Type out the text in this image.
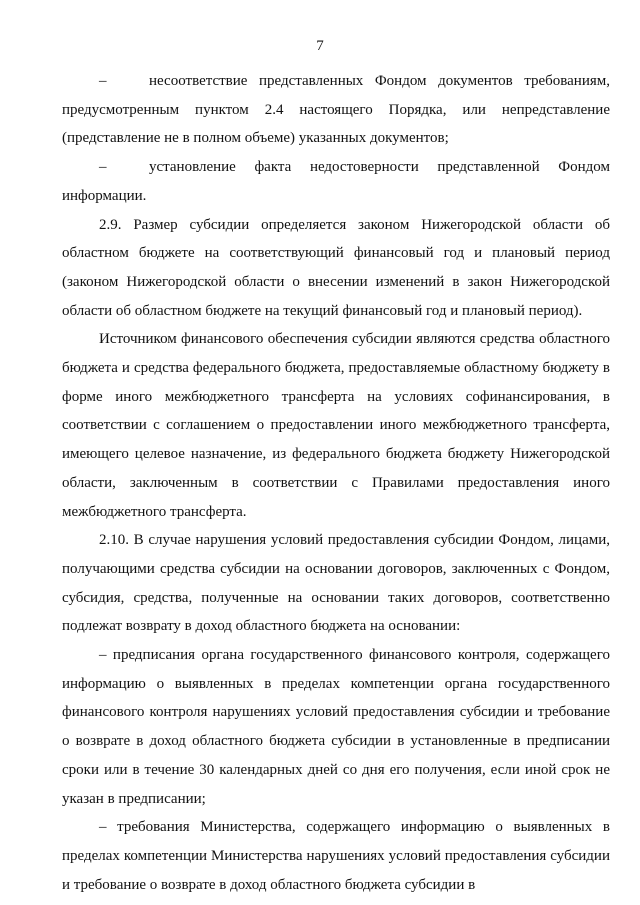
7

–	несоответствие представленных Фондом документов требованиям, предусмотренным пунктом 2.4 настоящего Порядка, или непредставление (представление не в полном объеме) указанных документов;

–	установление факта недостоверности представленной Фондом информации.

2.9. Размер субсидии определяется законом Нижегородской области об областном бюджете на соответствующий финансовый год и плановый период (законом Нижегородской области о внесении изменений в закон Нижегородской области об областном бюджете на текущий финансовый год и плановый период).

Источником финансового обеспечения субсидии являются средства областного бюджета и средства федерального бюджета, предоставляемые областному бюджету в форме иного межбюджетного трансферта на условиях софинансирования, в соответствии с соглашением о предоставлении иного межбюджетного трансферта, имеющего целевое назначение, из федерального бюджета бюджету Нижегородской области, заключенным в соответствии с Правилами предоставления иного межбюджетного трансферта.

2.10. В случае нарушения условий предоставления субсидии Фондом, лицами, получающими средства субсидии на основании договоров, заключенных с Фондом, субсидия, средства, полученные на основании таких договоров, соответственно подлежат возврату в доход областного бюджета на основании:

– предписания органа государственного финансового контроля, содержащего информацию о выявленных в пределах компетенции органа государственного финансового контроля нарушениях условий предоставления субсидии и требование о возврате в доход областного бюджета субсидии в установленные в предписании сроки или в течение 30 календарных дней со дня его получения, если иной срок не указан в предписании;

– требования Министерства, содержащего информацию о выявленных в пределах компетенции Министерства нарушениях условий предоставления субсидии и требование о возврате в доход областного бюджета субсидии в
